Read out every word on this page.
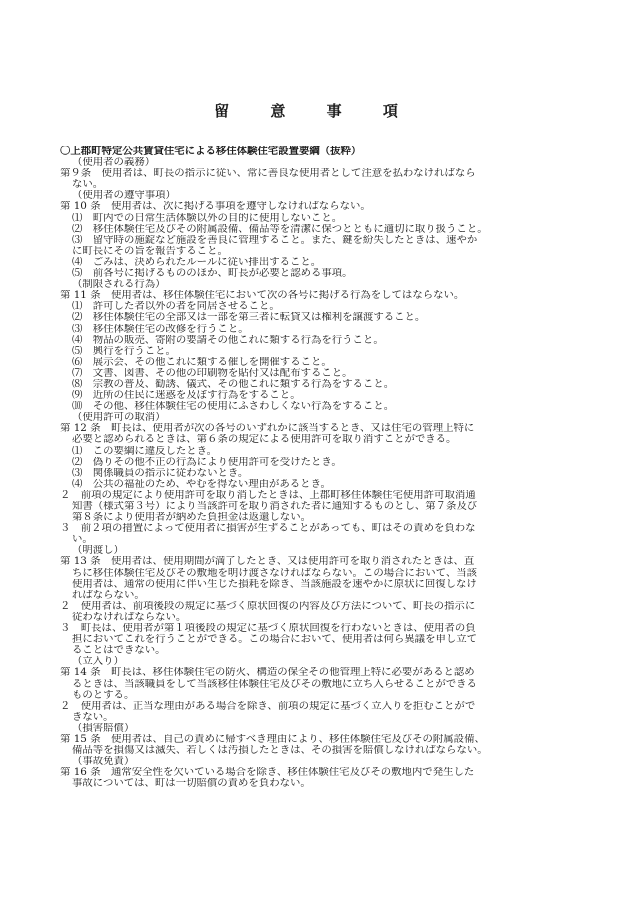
留 意 事 項
〇上郡町特定公共賃貸住宅による移住体験住宅設置要綱（抜粋）
（使用者の義務）
第９条　使用者は、町長の指示に従い、常に善良な使用者として注意を払わなければなら
ない。
（使用者の遵守事項）
第 10 条　使用者は、次に掲げる事項を遵守しなければならない。
⑴　町内での日常生活体験以外の目的に使用しないこと。
⑵　移住体験住宅及びその附属設備、備品等を清潔に保つとともに適切に取り扱うこと。
⑶　留守時の施錠など施設を善良に管理すること。また、鍵を紛失したときは、速やか
に町長にその旨を報告すること。
⑷　ごみは、決められたルールに従い排出すること。
⑸　前各号に掲げるもののほか、町長が必要と認める事項。
（制限される行為）
第 11 条　使用者は、移住体験住宅において次の各号に掲げる行為をしてはならない。
⑴　許可した者以外の者を同居させること。
⑵　移住体験住宅の全部又は一部を第三者に転貸又は権利を譲渡すること。
⑶　移住体験住宅の改修を行うこと。
⑷　物品の販売、寄附の要請その他これに類する行為を行うこと。
⑸　興行を行うこと。
⑹　展示会、その他これに類する催しを開催すること。
⑺　文書、図書、その他の印刷物を貼付又は配布すること。
⑻　宗教の普及、勧誘、儀式、その他これに類する行為をすること。
⑼　近所の住民に迷惑を及ぼす行為をすること。
⑽　その他、移住体験住宅の使用にふさわしくない行為をすること。
（使用許可の取消）
第 12 条　町長は、使用者が次の各号のいずれかに該当するとき、又は住宅の管理上特に
必要と認められるときは、第６条の規定による使用許可を取り消すことができる。
⑴　この要綱に違反したとき。
⑵　偽りその他不正の行為により使用許可を受けたとき。
⑶　関係職員の指示に従わないとき。
⑷　公共の福祉のため、やむを得ない理由があるとき。
２　前項の規定により使用許可を取り消したときは、上郡町移住体験住宅使用許可取消通
知書（様式第３号）により当該許可を取り消された者に通知するものとし、第７条及び
第８条により使用者が納めた負担金は返還しない。
３　前２項の措置によって使用者に損害が生ずることがあっても、町はその責めを負わな
い。
（明渡し）
第 13 条　使用者は、使用期間が満了したとき、又は使用許可を取り消されたときは、直
ちに移住体験住宅及びその敷地を明け渡さなければならない。この場合において、当該
使用者は、通常の使用に伴い生じた損耗を除き、当該施設を速やかに原状に回復しなけ
ればならない。
２　使用者は、前項後段の規定に基づく原状回復の内容及び方法について、町長の指示に
従わなければならない。
３　町長は、使用者が第１項後段の規定に基づく原状回復を行わないときは、使用者の負
担においてこれを行うことができる。この場合において、使用者は何ら異議を申し立て
ることはできない。
（立入り）
第 14 条　町長は、移住体験住宅の防火、構造の保全その他管理上特に必要があると認め
るときは、当該職員をして当該移住体験住宅及びその敷地に立ち入らせることができる
ものとする。
２　使用者は、正当な理由がある場合を除き、前項の規定に基づく立入りを拒むことがで
きない。
（損害賠償）
第 15 条　使用者は、自己の責めに帰すべき理由により、移住体験住宅及びその附属設備、
備品等を損傷又は滅失、若しくは汚損したときは、その損害を賠償しなければならない。
（事故免責）
第 16 条　通常安全性を欠いている場合を除き、移住体験住宅及びその敷地内で発生した
事故については、町は一切賠償の責めを負わない。
